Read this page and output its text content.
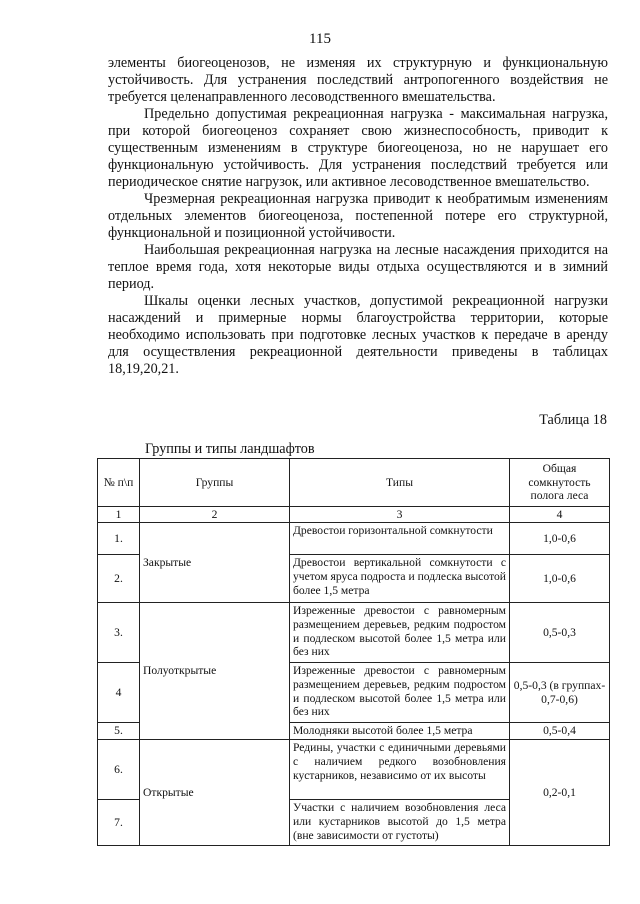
115

элементы биогеоценозов, не изменяя их структурную и функциональную устойчивость. Для устранения последствий антропогенного воздействия не требуется целенаправленного лесоводственного вмешательства.

Предельно допустимая рекреационная нагрузка - максимальная нагрузка, при которой биогеоценоз сохраняет свою жизнеспособность, приводит к существенным изменениям в структуре биогеоценоза, но не нарушает его функциональную устойчивость. Для устранения последствий требуется или периодическое снятие нагрузок, или активное лесоводственное вмешательство.

Чрезмерная рекреационная нагрузка приводит к необратимым изменениям отдельных элементов биогеоценоза, постепенной потере его структурной, функциональной и позиционной устойчивости.

Наибольшая рекреационная нагрузка на лесные насаждения приходится на теплое время года, хотя некоторые виды отдыха осуществляются и в зимний период.

Шкалы оценки лесных участков, допустимой рекреационной нагрузки насаждений и примерные нормы благоустройства территории, которые необходимо использовать при подготовке лесных участков к передаче в аренду для осуществления рекреационной деятельности приведены в таблицах 18,19,20,21.

Таблица 18

Группы и типы ландшафтов

№ п\п	Группы	Типы	Общая сомкнутость полога леса
1	2	3	4
1.	Закрытые	Древостои горизонтальной сомкнутости	1,0-0,6
2.		Древостои вертикальной сомкнутости с учетом яруса подроста и подлеска высотой более 1,5 метра	1,0-0,6
3.	Полуоткрытые	Изреженные древостои с равномерным размещением деревьев, редким подростом и подлеском высотой более 1,5 метра или без них	0,5-0,3
4		Изреженные древостои с равномерным размещением деревьев, редким подростом и подлеском высотой более 1,5 метра или без них	0,5-0,3 (в группах- 0,7-0,6)
5.		Молодняки высотой более 1,5 метра	0,5-0,4
6.	Открытые	Редины, участки с единичными деревьями с наличием редкого возобновления кустарников, независимо от их высоты	0,2-0,1
7.		Участки с наличием возобновления леса или кустарников высотой до 1,5 метра (вне зависимости от густоты)	
